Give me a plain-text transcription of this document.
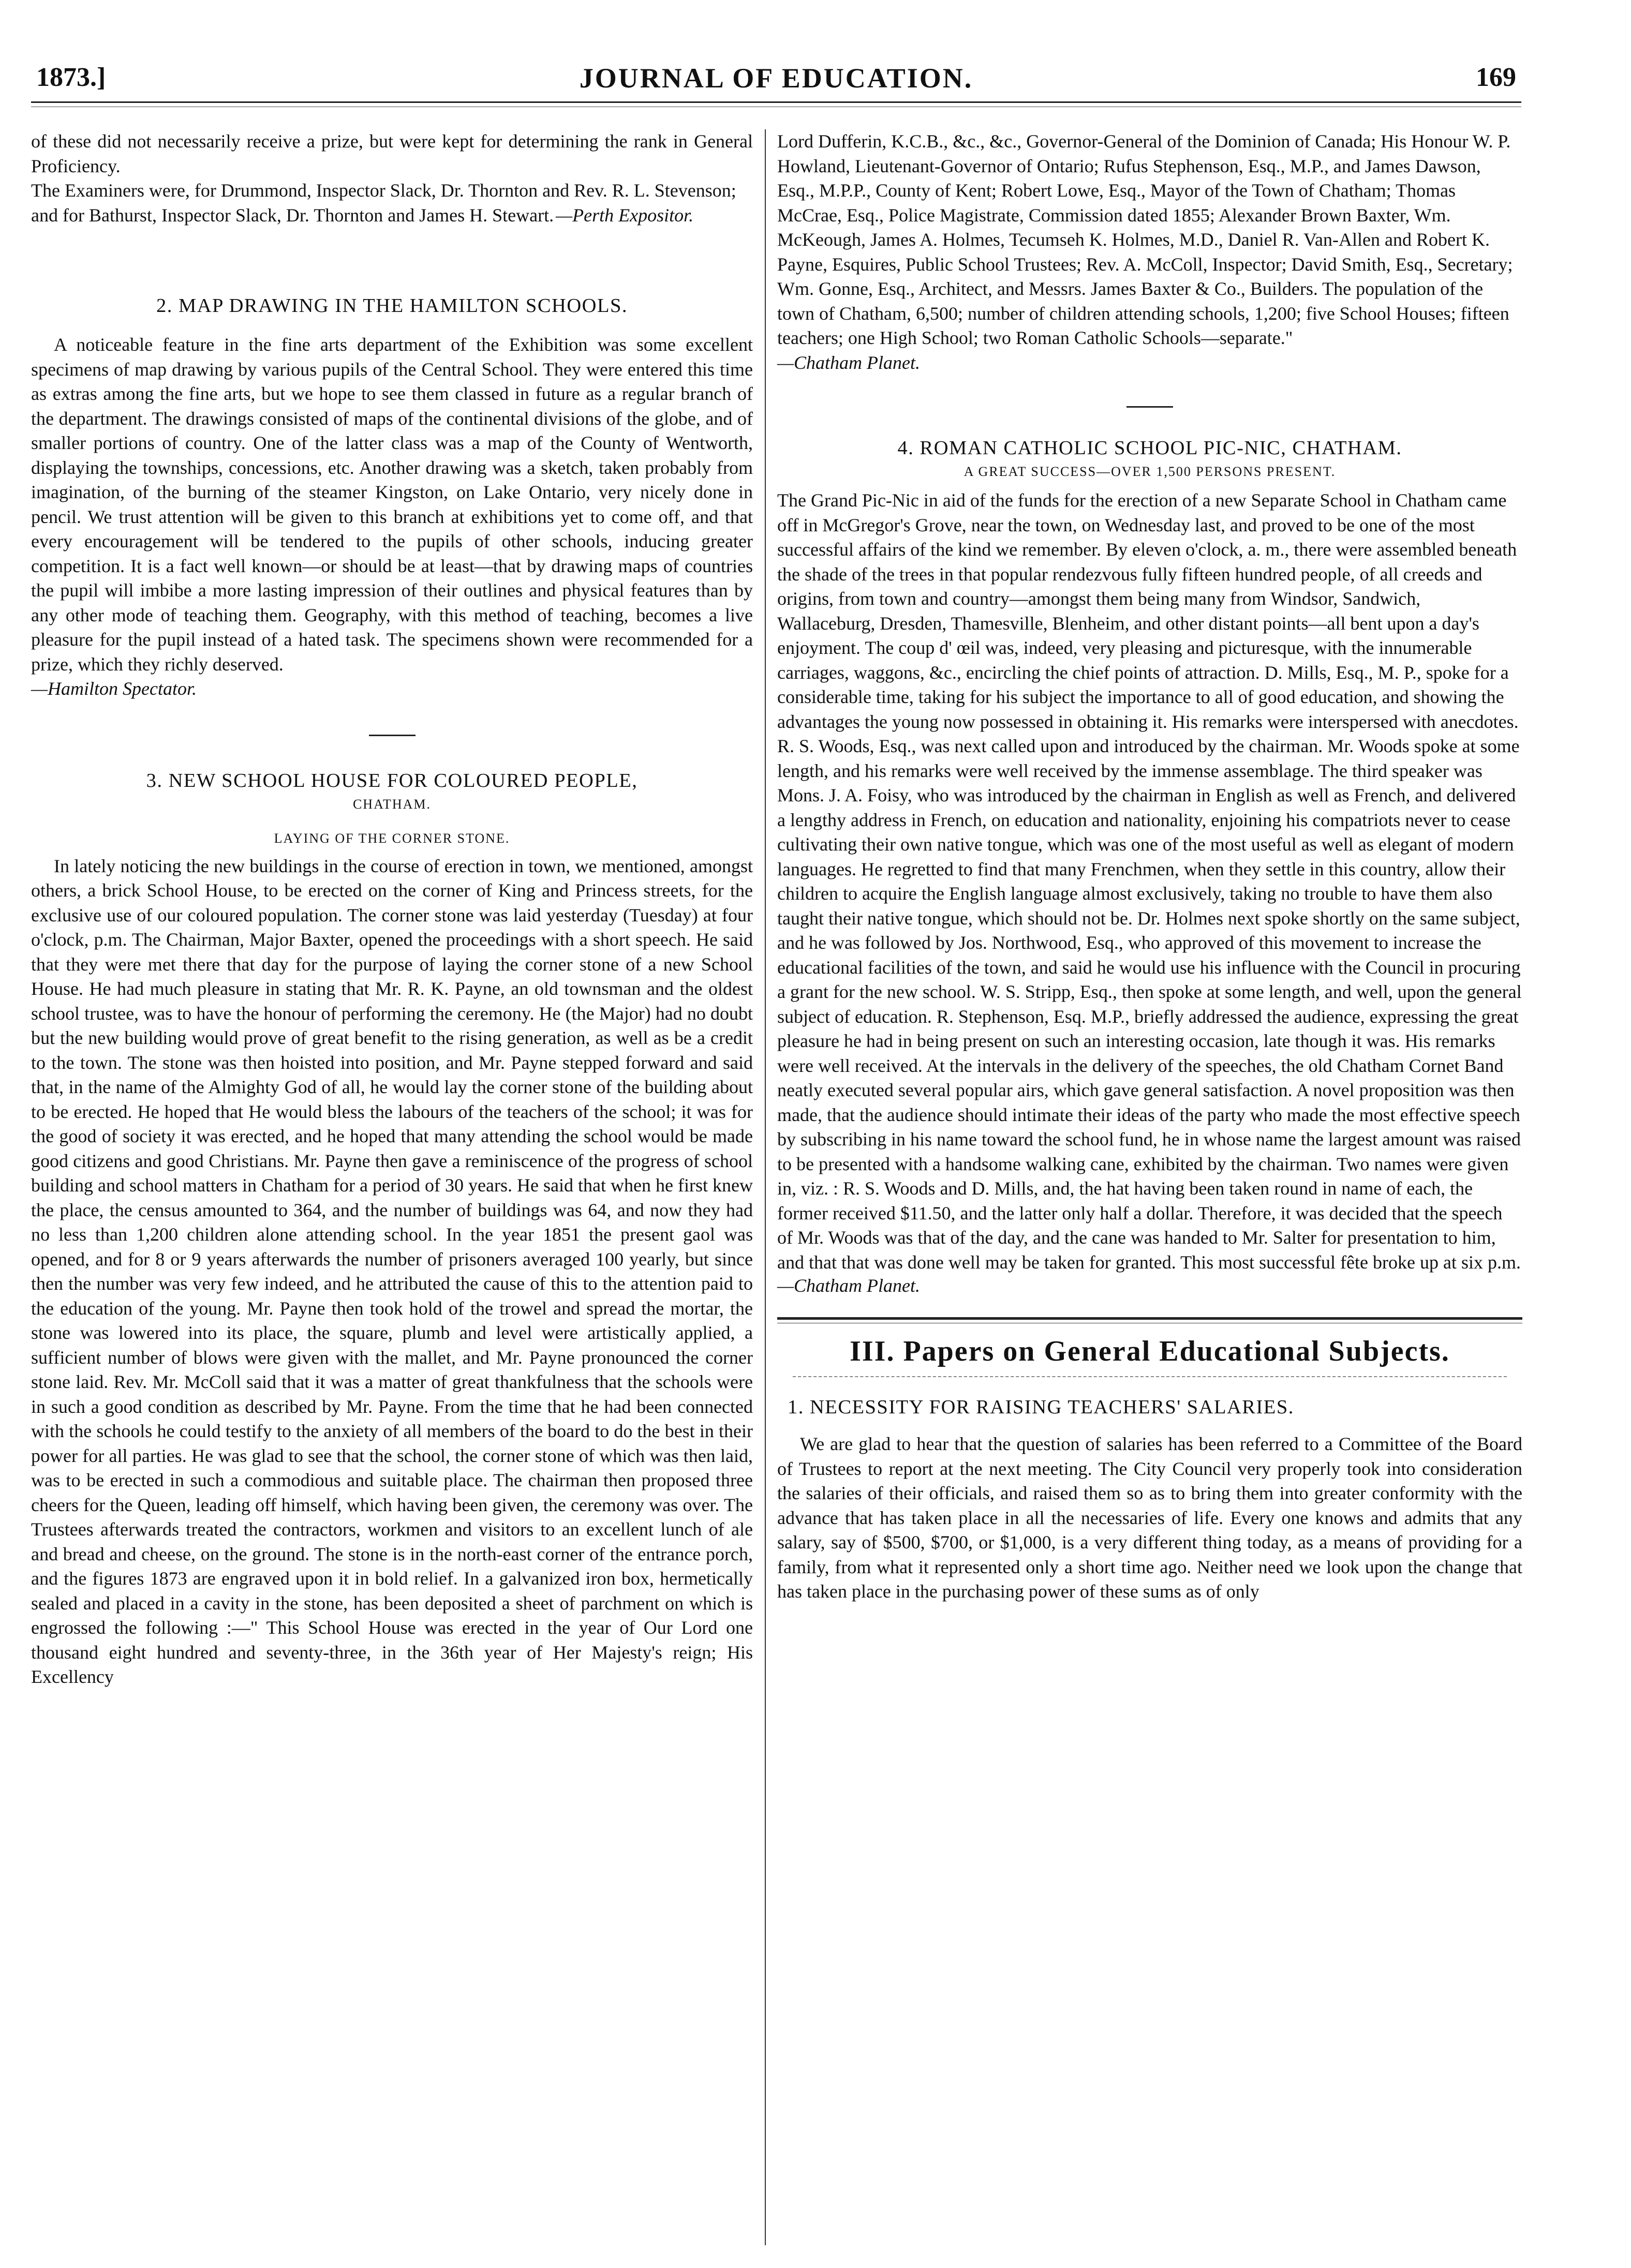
1873.]	JOURNAL OF EDUCATION.	169

of these did not necessarily receive a prize, but were kept for determining the rank in General Proficiency.

The Examiners were, for Drummond, Inspector Slack, Dr. Thornton and Rev. R. L. Stevenson; and for Bathurst, Inspector Slack, Dr. Thornton and James H. Stewart. —Perth Expositor.
2. MAP DRAWING IN THE HAMILTON SCHOOLS.

A noticeable feature in the fine arts department of the Exhibition was some excellent specimens of map drawing by various pupils of the Central School. They were entered this time as extras among the fine arts, but we hope to see them classed in future as a regular branch of the department. The drawings consisted of maps of the continental divisions of the globe, and of smaller portions of country. One of the latter class was a map of the County of Wentworth, displaying the townships, concessions, etc. Another drawing was a sketch, taken probably from imagination, of the burning of the steamer Kingston, on Lake Ontario, very nicely done in pencil. We trust attention will be given to this branch at exhibitions yet to come off, and that every encouragement will be tendered to the pupils of other schools, inducing greater competition. It is a fact well known—or should be at least—that by drawing maps of countries the pupil will imbibe a more lasting impression of their outlines and physical features than by any other mode of teaching them. Geography, with this method of teaching, becomes a live pleasure for the pupil instead of a hated task. The specimens shown were recommended for a prize, which they richly deserved.

—Hamilton Spectator.

3. NEW SCHOOL HOUSE FOR COLOURED PEOPLE,

CHATHAM.

LAYING OF THE CORNER STONE.

In lately noticing the new buildings in the course of erection in town, we mentioned, amongst others, a brick School House, to be erected on the corner of King and Princess streets, for the exclusive use of our coloured population. The corner stone was laid yesterday (Tuesday) at four o'clock, p.m. The Chairman, Major Baxter, opened the proceedings with a short speech. He said that they were met there that day for the purpose of laying the corner stone of a new School House. He had much pleasure in stating that Mr. R. K. Payne, an old townsman and the oldest school trustee, was to have the honour of performing the ceremony. He (the Major) had no doubt but the new building would prove of great benefit to the rising generation, as well as be a credit to the town. The stone was then hoisted into position, and Mr. Payne stepped forward and said that, in the name of the Almighty God of all, he would lay the corner stone of the building about to be erected. He hoped that He would bless the labours of the teachers of the school; it was for the good of society it was erected, and he hoped that many attending the school would be made good citizens and good Christians. Mr. Payne then gave a reminiscence of the progress of school building and school matters in Chatham for a period of 30 years. He said that when he first knew the place, the census amounted to 364, and the number of buildings was 64, and now they had no less than 1,200 children alone attending school. In the year 1851 the present gaol was opened, and for 8 or 9 years afterwards the number of prisoners averaged 100 yearly, but since then the number was very few indeed, and he attributed the cause of this to the attention paid to the education of the young. Mr. Payne then took hold of the trowel and spread the mortar, the stone was lowered into its place, the square, plumb and level were artistically applied, a sufficient number of blows were given with the mallet, and Mr. Payne pronounced the corner stone laid. Rev. Mr. McColl said that it was a matter of great thankfulness that the schools were in such a good condition as described by Mr. Payne. From the time that he had been connected with the schools he could testify to the anxiety of all members of the board to do the best in their power for all parties. He was glad to see that the school, the corner stone of which was then laid, was to be erected in such a commodious and suitable place. The chairman then proposed three cheers for the Queen, leading off himself, which having been given, the ceremony was over. The Trustees afterwards treated the contractors, workmen and visitors to an excellent lunch of ale and bread and cheese, on the ground. The stone is in the north-east corner of the entrance porch, and the figures 1873 are engraved upon it in bold relief. In a galvanized iron box, hermetically sealed and placed in a cavity in the stone, has been deposited a sheet of parchment on which is engrossed the following :—" This School House was erected in the year of Our Lord one thousand eight hundred and seventy-three, in the 36th year of Her Majesty's reign; His Excellency

Lord Dufferin, K.C.B., &c., &c., Governor-General of the Dominion of Canada; His Honour W. P. Howland, Lieutenant-Governor of Ontario; Rufus Stephenson, Esq., M.P., and James Dawson, Esq., M.P.P., County of Kent; Robert Lowe, Esq., Mayor of the Town of Chatham; Thomas McCrae, Esq., Police Magistrate, Commission dated 1855; Alexander Brown Baxter, Wm. McKeough, James A. Holmes, Tecumseh K. Holmes, M.D., Daniel R. Van-Allen and Robert K. Payne, Esquires, Public School Trustees; Rev. A. McColl, Inspector; David Smith, Esq., Secretary; Wm. Gonne, Esq., Architect, and Messrs. James Baxter & Co., Builders. The population of the town of Chatham, 6,500; number of children attending schools, 1,200; five School Houses; fifteen teachers; one High School; two Roman Catholic Schools—separate."

—Chatham Planet.

4. ROMAN CATHOLIC SCHOOL PIC-NIC, CHATHAM.

A GREAT SUCCESS—OVER 1,500 PERSONS PRESENT.

The Grand Pic-Nic in aid of the funds for the erection of a new Separate School in Chatham came off in McGregor's Grove, near the town, on Wednesday last, and proved to be one of the most successful affairs of the kind we remember. By eleven o'clock, a. m., there were assembled beneath the shade of the trees in that popular rendezvous fully fifteen hundred people, of all creeds and origins, from town and country—amongst them being many from Windsor, Sandwich, Wallaceburg, Dresden, Thamesville, Blenheim, and other distant points—all bent upon a day's enjoyment. The coup d' œil was, indeed, very pleasing and picturesque, with the innumerable carriages, waggons, &c., encircling the chief points of attraction. D. Mills, Esq., M. P., spoke for a considerable time, taking for his subject the importance to all of good education, and showing the advantages the young now possessed in obtaining it. His remarks were interspersed with anecdotes. R. S. Woods, Esq., was next called upon and introduced by the chairman. Mr. Woods spoke at some length, and his remarks were well received by the immense assemblage. The third speaker was Mons. J. A. Foisy, who was introduced by the chairman in English as well as French, and delivered a lengthy address in French, on education and nationality, enjoining his compatriots never to cease cultivating their own native tongue, which was one of the most useful as well as elegant of modern languages. He regretted to find that many Frenchmen, when they settle in this country, allow their children to acquire the English language almost exclusively, taking no trouble to have them also taught their native tongue, which should not be. Dr. Holmes next spoke shortly on the same subject, and he was followed by Jos. Northwood, Esq., who approved of this movement to increase the educational facilities of the town, and said he would use his influence with the Council in procuring a grant for the new school. W. S. Stripp, Esq., then spoke at some length, and well, upon the general subject of education. R. Stephenson, Esq. M.P., briefly addressed the audience, expressing the great pleasure he had in being present on such an interesting occasion, late though it was. His remarks were well received. At the intervals in the delivery of the speeches, the old Chatham Cornet Band neatly executed several popular airs, which gave general satisfaction. A novel proposition was then made, that the audience should intimate their ideas of the party who made the most effective speech by subscribing in his name toward the school fund, he in whose name the largest amount was raised to be presented with a handsome walking cane, exhibited by the chairman. Two names were given in, viz. : R. S. Woods and D. Mills, and, the hat having been taken round in name of each, the former received $11.50, and the latter only half a dollar. Therefore, it was decided that the speech of Mr. Woods was that of the day, and the cane was handed to Mr. Salter for presentation to him, and that that was done well may be taken for granted. This most successful fête broke up at six p.m.

—Chatham Planet.

III. Papers on General Educational Subjects.

1. NECESSITY FOR RAISING TEACHERS' SALARIES.

We are glad to hear that the question of salaries has been referred to a Committee of the Board of Trustees to report at the next meeting. The City Council very properly took into consideration the salaries of their officials, and raised them so as to bring them into greater conformity with the advance that has taken place in all the necessaries of life. Every one knows and admits that any salary, say of $500, $700, or $1,000, is a very different thing today, as a means of providing for a family, from what it represented only a short time ago. Neither need we look upon the change that has taken place in the purchasing power of these sums as of only
